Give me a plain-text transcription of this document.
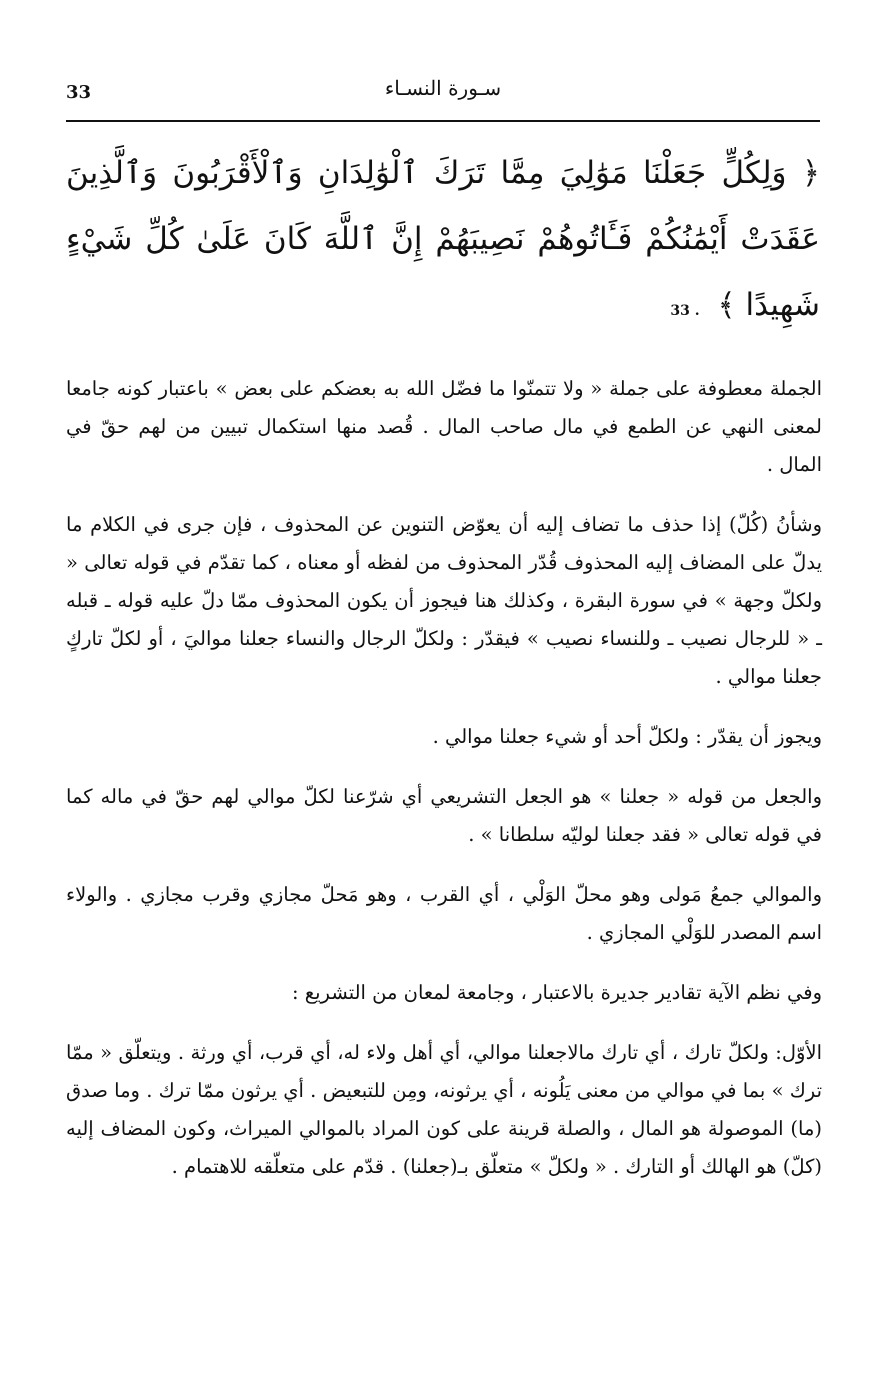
33	سـورة النسـاء
﴿ وَلِكُلٍّ جَعَلْنَا مَوَٰلِيَ مِمَّا تَرَكَ ٱلْوَٰلِدَانِ وَٱلْأَقْرَبُونَ وَٱلَّذِينَ عَقَدَتْ أَيْمَٰنُكُمْ فَـَٔاتُوهُمْ نَصِيبَهُمْ إِنَّ ٱللَّهَ كَانَ عَلَىٰ كُلِّ شَيْءٍ شَهِيدًا ﴾ . 33

الجملة معطوفة على جملة « ولا تتمنّوا ما فضّل الله به بعضكم على بعض » باعتبار كونه جامعا لمعنى النهي عن الطمع في مال صاحب المال . قُصد منها استكمال تبيين من لهم حقّ في المال .

وشأنُ (كُلّ) إذا حذف ما تضاف إليه أن يعوّض التنوين عن المحذوف ، فإن جرى في الكلام ما يدلّ على المضاف إليه المحذوف قُدّر المحذوف من لفظه أو معناه ، كما تقدّم في قوله تعالى « ولكلّ وجهة » في سورة البقرة ، وكذلك هنا فيجوز أن يكون المحذوف ممّا دلّ عليه قوله ـ قبله ـ « للرجال نصيب ـ وللنساء نصيب » فيقدّر : ولكلّ الرجال والنساء جعلنا مواليَ ، أو لكلّ تاركٍ جعلنا موالي .

ويجوز أن يقدّر : ولكلّ أحد أو شيء جعلنا موالي .

والجعل من قوله « جعلنا » هو الجعل التشريعي أي شرّعنا لكلّ موالي لهم حقّ في ماله كما في قوله تعالى « فقد جعلنا لوليّه سلطانا » .

والموالي جمعُ مَولى وهو محلّ الوَلْي ، أي القرب ، وهو مَحلّ مجازي وقرب مجازي . والولاء اسم المصدر للوَلْي المجازي .

وفي نظم الآية تقادير جديرة بالاعتبار ، وجامعة لمعان من التشريع :

الأوّل: ولكلّ تارك ، أي تارك مالاجعلنا موالي، أي أهل ولاء له، أي قرب، أي ورثة . ويتعلّق « ممّا ترك » بما في موالي من معنى يَلُونه ، أي يرثونه، ومِن للتبعيض . أي يرثون ممّا ترك . وما صدق (ما) الموصولة هو المال ، والصلة قرينة على كون المراد بالموالي الميراث، وكون المضاف إليه (كلّ) هو الهالك أو التارك . « ولكلّ » متعلّق بـ(جعلنا) . قدّم على متعلّقه للاهتمام .
